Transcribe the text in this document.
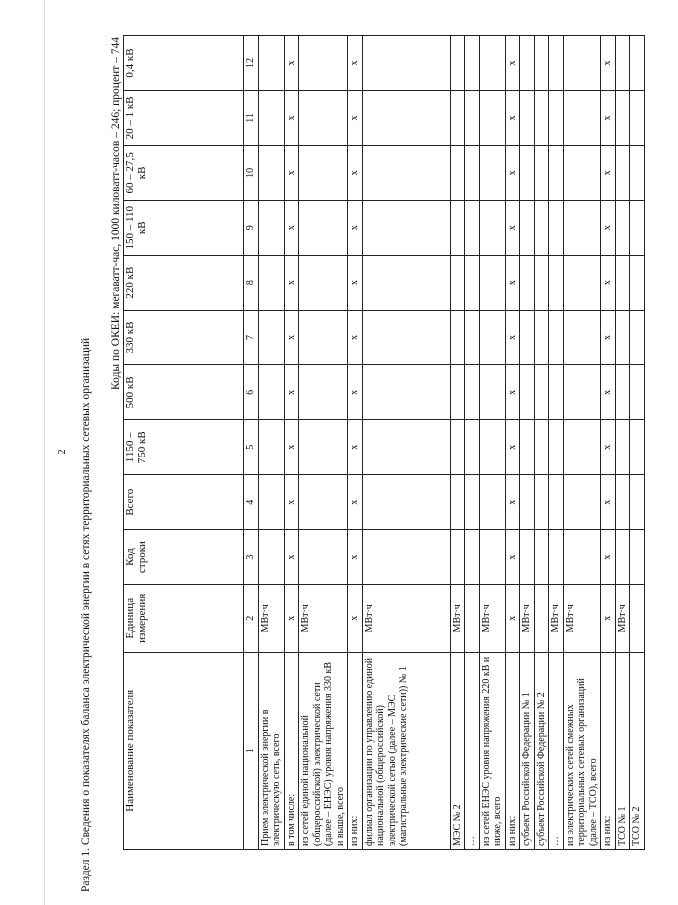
2	Раздел 1. Сведения о показателях баланса электрической энергии в сетях территориальных сетевых организаций
Коды по ОКЕИ: мегаватт-час, 1000 киловатт-часов – 246; процент – 744
Наименование показателя	Единица измерения	Код строки	Всего	1150 – 750 кВ	500 кВ	330 кВ	220 кВ	150 – 110 кВ	60 – 27,5 кВ	20 – 1 кВ	0,4 кВ
1	2	3	4	5	6	7	8	9	10	11	12
Прием электрической энергии в электрическую сеть, всего	МВт·ч										
в том числе:	х	х	х	х	х	х	х	х	х	х	х
из сетей единой национальной (общероссийской) электрической сети (далее – ЕНЭС) уровня напряжения 330 кВ и выше, всего	МВт·ч										
из них:	х	х	х	х	х	х	х	х	х	х	х
филиал организации по управлению единой национальной (общероссийской) электрической сетью (далее – МЭС (магистральные электрические сети)) № 1	МВт·ч										
МЭС № 2	МВт·ч										
…											
из сетей ЕНЭС уровня напряжения 220 кВ и ниже, всего	МВт·ч										
из них:	х	х	х	х	х	х	х	х	х	х	х
субъект Российской Федерации № 1	МВт·ч										
субъект Российской Федерации № 2											
…	МВт·ч										
из электрических сетей смежных территориальных сетевых организаций (далее – ТСО), всего	МВт·ч										
из них:	х	х	х	х	х	х	х	х	х	х	х
ТСО № 1	МВт·ч										
ТСО № 2											
